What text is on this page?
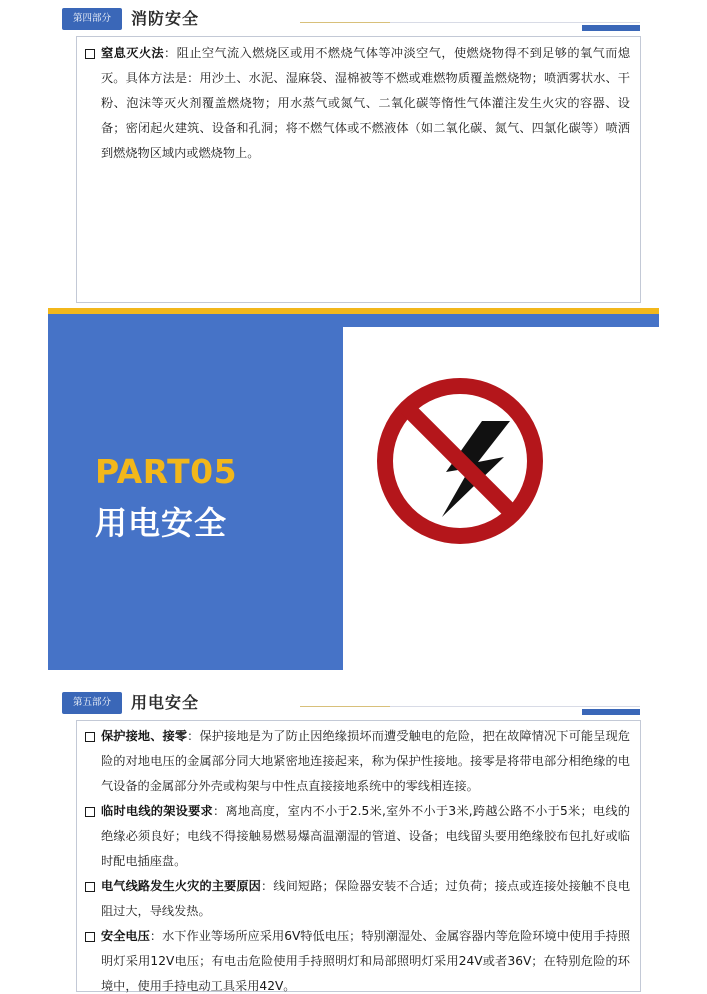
第四部分	消防安全
窒息灭火法：阻止空气流入燃烧区或用不燃烧气体等冲淡空气，使燃烧物得不到足够的氧气而熄灭。具体方法是：用沙土、水泥、湿麻袋、湿棉被等不燃或难燃物质覆盖燃烧物；喷洒雾状水、干粉、泡沫等灭火剂覆盖燃烧物；用水蒸气或氮气、二氧化碳等惰性气体灌注发生火灾的容器、设备；密闭起火建筑、设备和孔洞；将不燃气体或不燃液体（如二氧化碳、氮气、四氯化碳等）喷洒到燃烧物区域内或燃烧物上。
PART05
用电安全
第五部分	用电安全
保护接地、接零：保护接地是为了防止因绝缘损坏而遭受触电的危险，把在故障情况下可能呈现危险的对地电压的金属部分同大地紧密地连接起来，称为保护性接地。接零是将带电部分相绝缘的电气设备的金属部分外壳或构架与中性点直接接地系统中的零线相连接。
临时电线的架设要求：离地高度，室内不小于2.5米,室外不小于3米,跨越公路不小于5米；电线的绝缘必须良好；电线不得接触易燃易爆高温潮湿的管道、设备；电线留头要用绝缘胶布包扎好或临时配电插座盘。
电气线路发生火灾的主要原因：线间短路；保险器安装不合适；过负荷；接点或连接处接触不良电阻过大，导线发热。
安全电压：水下作业等场所应采用6V特低电压；特别潮湿处、金属容器内等危险环境中使用手持照明灯采用12V电压；有电击危险使用手持照明灯和局部照明灯采用24V或者36V；在特别危险的环境中，使用手持电动工具采用42V。
